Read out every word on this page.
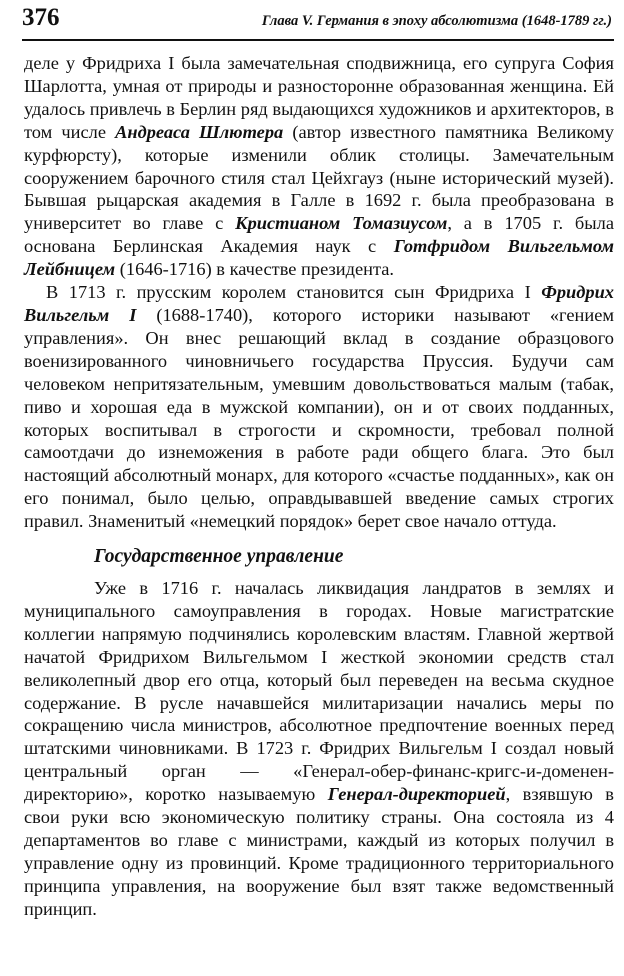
376	Глава V. Германия в эпоху абсолютизма (1648-1789 гг.)

деле у Фридриха I была замечательная сподвижница, его супруга София Шарлотта, умная от природы и разносторонне образованная женщина. Ей удалось привлечь в Берлин ряд выдающихся художников и архитекторов, в том числе Андреаса Шлютера (автор известного памятника Великому курфюрсту), которые изменили облик столицы. Замечательным сооружением барочного стиля стал Цейхгауз (ныне исторический музей). Бывшая рыцарская академия в Галле в 1692 г. была преобразована в университет во главе с Кристианом Томазиусом, а в 1705 г. была основана Берлинская Академия наук с Готфридом Вильгельмом Лейбницем (1646-1716) в качестве президента.

В 1713 г. прусским королем становится сын Фридриха I Фридрих Вильгельм I (1688-1740), которого историки называют «гением управления». Он внес решающий вклад в создание образцового военизированного чиновничьего государства Пруссия. Будучи сам человеком непритязательным, умевшим довольствоваться малым (табак, пиво и хорошая еда в мужской компании), он и от своих подданных, которых воспитывал в строгости и скромности, требовал полной самоотдачи до изнеможения в работе ради общего блага. Это был настоящий абсолютный монарх, для которого «счастье подданных», как он его понимал, было целью, оправдывавшей введение самых строгих правил. Знаменитый «немецкий порядок» берет свое начало оттуда.

Государственное управление

Уже в 1716 г. началась ликвидация ландратов в землях и муниципального самоуправления в городах. Новые магистратские коллегии напрямую подчинялись королевским властям. Главной жертвой начатой Фридрихом Вильгельмом I жесткой экономии средств стал великолепный двор его отца, который был переведен на весьма скудное содержание. В русле начавшейся милитаризации начались меры по сокращению числа министров, абсолютное предпочтение военных перед штатскими чиновниками. В 1723 г. Фридрих Вильгельм I создал новый центральный орган — «Генерал-обер-финанс-кригс-и-доменен-директорию», коротко называемую Генерал-директорией, взявшую в свои руки всю экономическую политику страны. Она состояла из 4 департаментов во главе с министрами, каждый из которых получил в управление одну из провинций. Кроме традиционного территориального принципа управления, на вооружение был взят также ведомственный принцип.
